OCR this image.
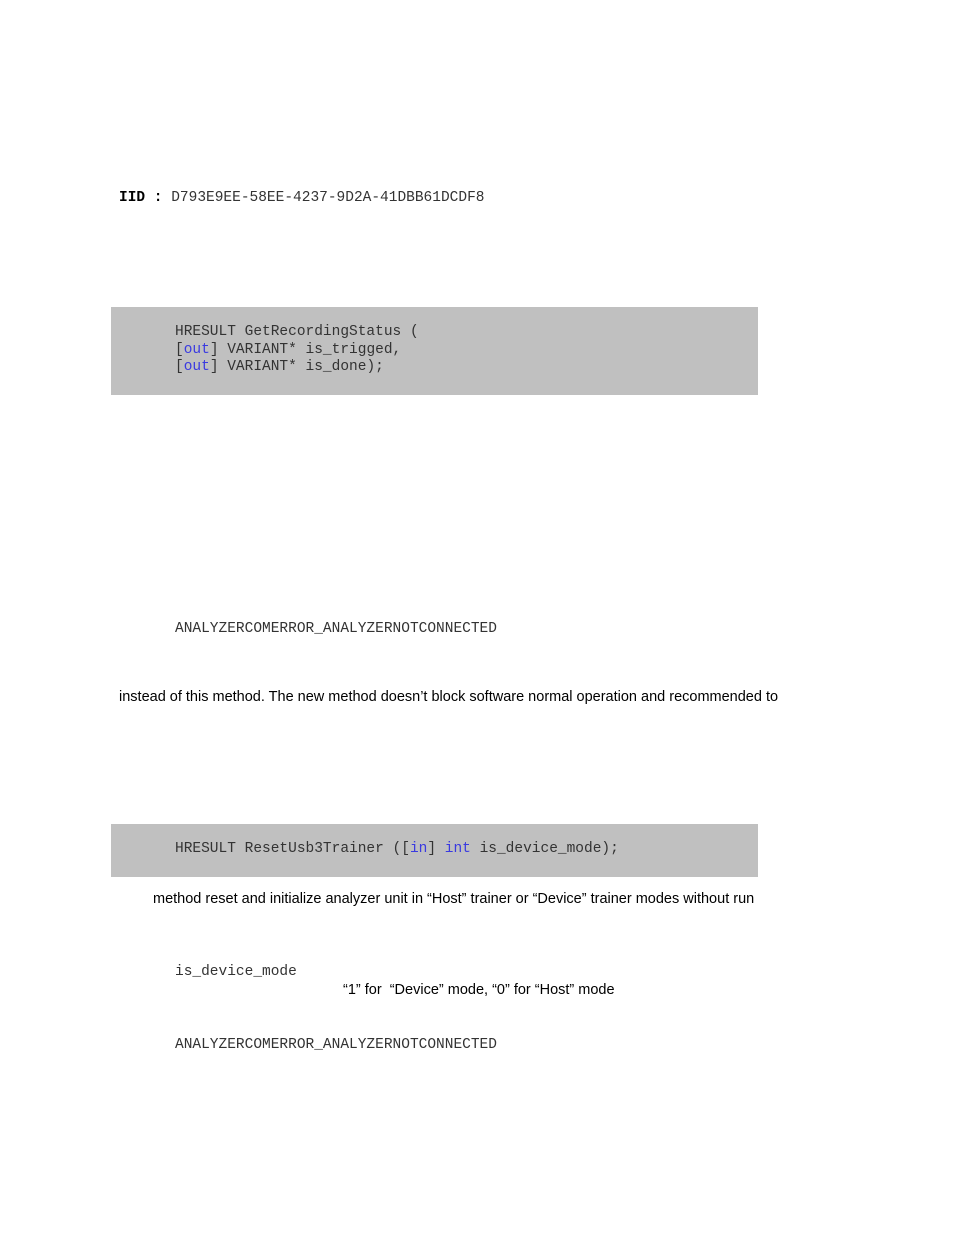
IID : D793E9EE-58EE-4237-9D2A-41DBB61DCDF8
HRESULT GetRecordingStatus (
[out] VARIANT* is_trigged,
[out] VARIANT* is_done);
ANALYZERCOMERROR_ANALYZERNOTCONNECTED
instead of this method. The new method doesn’t block software normal operation and recommended to
HRESULT ResetUsb3Trainer ([in] int is_device_mode);
method reset and initialize analyzer unit in “Host” trainer or “Device” trainer modes without run
is_device_mode
“1” for  “Device” mode, “0” for “Host” mode
ANALYZERCOMERROR_ANALYZERNOTCONNECTED
